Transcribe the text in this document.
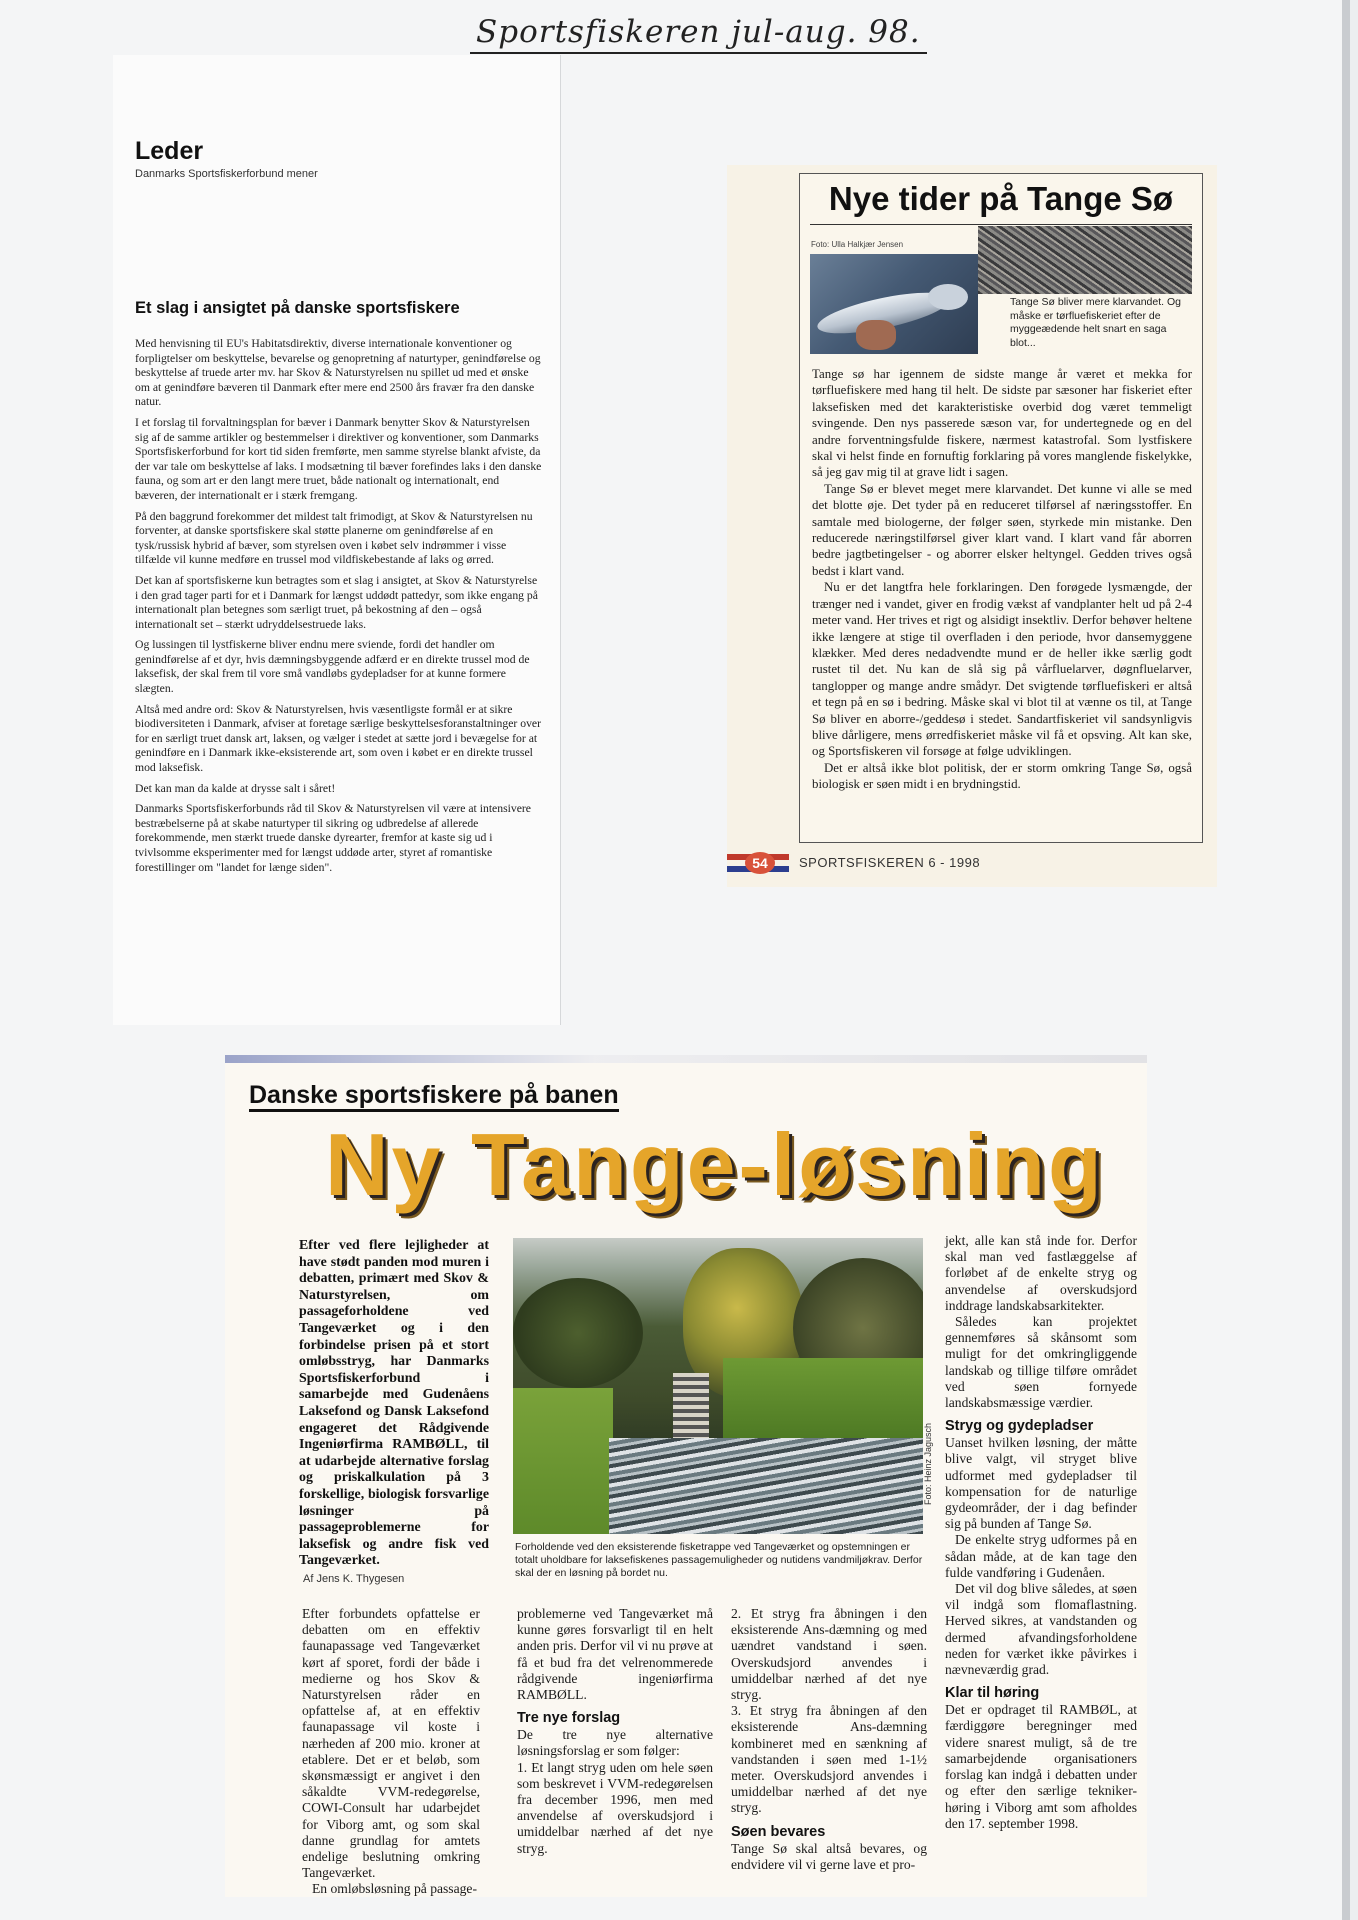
Sportsfiskeren jul-aug. 98.

Leder
Danmarks Sportsfiskerforbund mener
Et slag i ansigtet på danske sportsfiskere

Med henvisning til EU's Habitatsdirektiv, diverse internationale konventioner og forpligtelser om beskyttelse, bevarelse og genopretning af naturtyper, genindførelse og beskyttelse af truede arter mv. har Skov & Naturstyrelsen nu spillet ud med et ønske om at genindføre bæveren til Danmark efter mere end 2500 års fravær fra den danske natur.

I et forslag til forvaltningsplan for bæver i Danmark benytter Skov & Naturstyrelsen sig af de samme artikler og bestemmelser i direktiver og konventioner, som Danmarks Sportsfiskerforbund for kort tid siden fremførte, men samme styrelse blankt afviste, da der var tale om beskyttelse af laks. I modsætning til bæver forefindes laks i den danske fauna, og som art er den langt mere truet, både nationalt og internationalt, end bæveren, der internationalt er i stærk fremgang.

På den baggrund forekommer det mildest talt frimodigt, at Skov & Naturstyrelsen nu forventer, at danske sportsfiskere skal støtte planerne om genindførelse af en tysk/russisk hybrid af bæver, som styrelsen oven i købet selv indrømmer i visse tilfælde vil kunne medføre en trussel mod vildfiskebestande af laks og ørred.

Det kan af sportsfiskerne kun betragtes som et slag i ansigtet, at Skov & Naturstyrelse i den grad tager parti for et i Danmark for længst uddødt pattedyr, som ikke engang på internationalt plan betegnes som særligt truet, på bekostning af den – også internationalt set – stærkt udryddelsestruede laks.

Og lussingen til lystfiskerne bliver endnu mere sviende, fordi det handler om genindførelse af et dyr, hvis dæmningsbyggende adfærd er en direkte trussel mod de laksefisk, der skal frem til vore små vandløbs gydepladser for at kunne formere slægten.

Altså med andre ord: Skov & Naturstyrelsen, hvis væsentligste formål er at sikre biodiversiteten i Danmark, afviser at foretage særlige beskyttelsesforanstaltninger over for en særligt truet dansk art, laksen, og vælger i stedet at sætte jord i bevægelse for at genindføre en i Danmark ikke-eksisterende art, som oven i købet er en direkte trussel mod laksefisk.

Det kan man da kalde at drysse salt i såret!

Danmarks Sportsfiskerforbunds råd til Skov & Naturstyrelsen vil være at intensivere bestræbelserne på at skabe naturtyper til sikring og udbredelse af allerede forekommende, men stærkt truede danske dyrearter, fremfor at kaste sig ud i tvivlsomme eksperimenter med for længst uddøde arter, styret af romantiske forestillinger om "landet for længe siden".

Nye tider på Tange Sø
Foto: Ulla Halkjær Jensen
Tange Sø bliver mere klarvandet. Og måske er tørfluefiskeriet efter de myggeædende helt snart en saga blot...

Tange sø har igennem de sidste mange år været et mekka for tørfluefiskere med hang til helt. De sidste par sæsoner har fiskeriet efter laksefisken med det karakteristiske overbid dog været temmeligt svingende. Den nys passerede sæson var, for undertegnede og en del andre forventningsfulde fiskere, nærmest katastrofal. Som lystfiskere skal vi helst finde en fornuftig forklaring på vores manglende fiskelykke, så jeg gav mig til at grave lidt i sagen.

Tange Sø er blevet meget mere klarvandet. Det kunne vi alle se med det blotte øje. Det tyder på en reduceret tilførsel af næringsstoffer. En samtale med biologerne, der følger søen, styrkede min mistanke. Den reducerede næringstilførsel giver klart vand. I klart vand får aborren bedre jagtbetingelser - og aborrer elsker heltyngel. Gedden trives også bedst i klart vand.

Nu er det langtfra hele forklaringen. Den forøgede lysmængde, der trænger ned i vandet, giver en frodig vækst af vandplanter helt ud på 2-4 meter vand. Her trives et rigt og alsidigt insektliv. Derfor behøver heltene ikke længere at stige til overfladen i den periode, hvor dansemyggene klækker. Med deres nedadvendte mund er de heller ikke særlig godt rustet til det. Nu kan de slå sig på vårfluelarver, døgnfluelarver, tanglopper og mange andre smådyr. Det svigtende tørfluefiskeri er altså et tegn på en sø i bedring. Måske skal vi blot til at vænne os til, at Tange Sø bliver en aborre-/geddesø i stedet. Sandartfiskeriet vil sandsynligvis blive dårligere, mens ørredfiskeriet måske vil få et opsving. Alt kan ske, og Sportsfiskeren vil forsøge at følge udviklingen.

Det er altså ikke blot politisk, der er storm omkring Tange Sø, også biologisk er søen midt i en brydningstid.

54	SPORTSFISKEREN 6 - 1998
Danske sportsfiskere på banen
Ny Tange-løsning
Efter ved flere lejligheder at have stødt panden mod muren i debatten, primært med Skov & Naturstyrelsen, om passageforholdene ved Tangeværket og i den forbindelse prisen på et stort omløbsstryg, har Danmarks Sportsfiskerforbund i samarbejde med Gudenåens Laksefond og Dansk Laksefond engageret det Rådgivende Ingeniørfirma RAMBØLL, til at udarbejde alternative forslag og priskalkulation på 3 forskellige, biologisk forsvarlige løsninger på passageproblemerne for laksefisk og andre fisk ved Tangeværket.
Af Jens K. Thygesen
Foto: Heinz Jagusch
Forholdende ved den eksisterende fisketrappe ved Tangeværket og opstemningen er totalt uholdbare for laksefiskenes passagemuligheder og nutidens vandmiljøkrav. Derfor skal der en løsning på bordet nu.

Efter forbundets opfattelse er debatten om en effektiv faunapassage ved Tangeværket kørt af sporet, fordi der både i medierne og hos Skov & Naturstyrelsen råder en opfattelse af, at en effektiv faunapassage vil koste i nærheden af 200 mio. kroner at etablere. Det er et beløb, som skønsmæssigt er angivet i den såkaldte VVM-redegørelse, COWI-Consult har udarbejdet for Viborg amt, og som skal danne grundlag for amtets endelige beslutning omkring Tangeværket.

En omløbsløsning på passage-

problemerne ved Tangeværket må kunne gøres forsvarligt til en helt anden pris. Derfor vil vi nu prøve at få et bud fra det velrenommerede rådgivende ingeniørfirma RAMBØLL.

Tre nye forslag

De tre nye alternative løsningsforslag er som følger:

1. Et langt stryg uden om hele søen som beskrevet i VVM-redegørelsen fra december 1996, men med anvendelse af overskudsjord i umiddelbar nærhed af det nye stryg.

2. Et stryg fra åbningen i den eksisterende Ans-dæmning og med uændret vandstand i søen. Overskudsjord anvendes i umiddelbar nærhed af det nye stryg.

3. Et stryg fra åbningen af den eksisterende Ans-dæmning kombineret med en sænkning af vandstanden i søen med 1-1½ meter. Overskudsjord anvendes i umiddelbar nærhed af det nye stryg.

Søen bevares

Tange Sø skal altså bevares, og endvidere vil vi gerne lave et pro-

jekt, alle kan stå inde for. Derfor skal man ved fastlæggelse af forløbet af de enkelte stryg og anvendelse af overskudsjord inddrage landskabsarkitekter.

Således kan projektet gennemføres så skånsomt som muligt for det omkringliggende landskab og tillige tilføre området ved søen fornyede landskabsmæssige værdier.

Stryg og gydepladser

Uanset hvilken løsning, der måtte blive valgt, vil stryget blive udformet med gydepladser til kompensation for de naturlige gydeområder, der i dag befinder sig på bunden af Tange Sø.

De enkelte stryg udformes på en sådan måde, at de kan tage den fulde vandføring i Gudenåen.

Det vil dog blive således, at søen vil indgå som flomaflastning. Herved sikres, at vandstanden og dermed afvandingsforholdene neden for værket ikke påvirkes i nævneværdig grad.

Klar til høring

Det er opdraget til RAMBØL, at færdiggøre beregninger med videre snarest muligt, så de tre samarbejdende organisationers forslag kan indgå i debatten under og efter den særlige tekniker-høring i Viborg amt som afholdes den 17. september 1998.
